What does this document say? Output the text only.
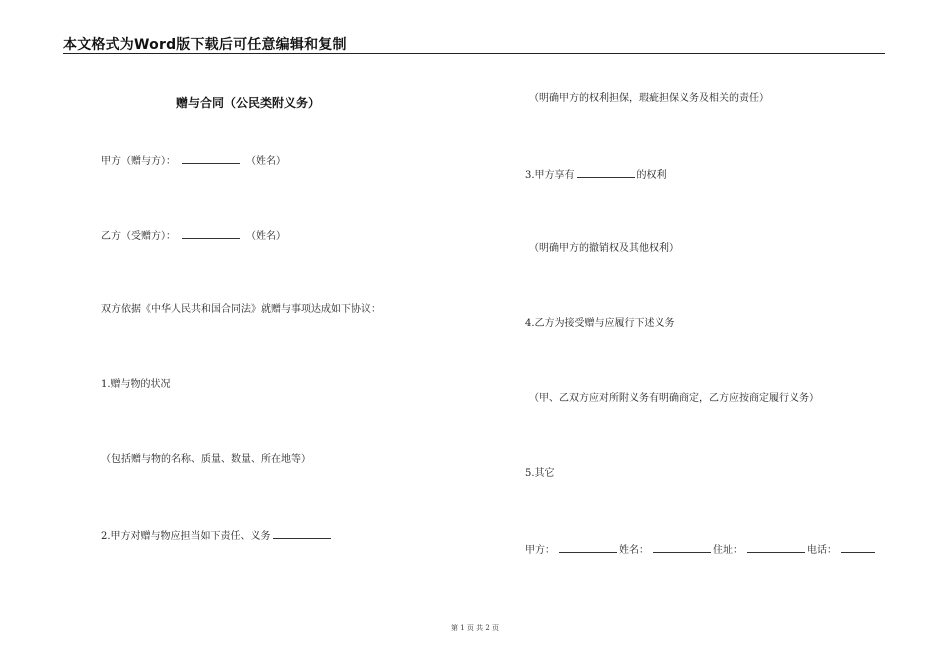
本文格式为Word版下载后可任意编辑和复制
赠与合同（公民类附义务）
甲方（赠与方）：	（姓名）
乙方（受赠方）：	（姓名）
双方依据《中华人民共和国合同法》就赠与事项达成如下协议：
1.赠与物的状况
（包括赠与物的名称、质量、数量、所在地等）
2.甲方对赠与物应担当如下责任、义务
（明确甲方的权利担保，瑕疵担保义务及相关的责任）
3.甲方享有	的权利
（明确甲方的撤销权及其他权利）
4.乙方为接受赠与应履行下述义务
（甲、乙双方应对所附义务有明确商定，乙方应按商定履行义务）
5.其它
甲方：	姓名：	住址：	电话：
第 1 页 共 2 页
